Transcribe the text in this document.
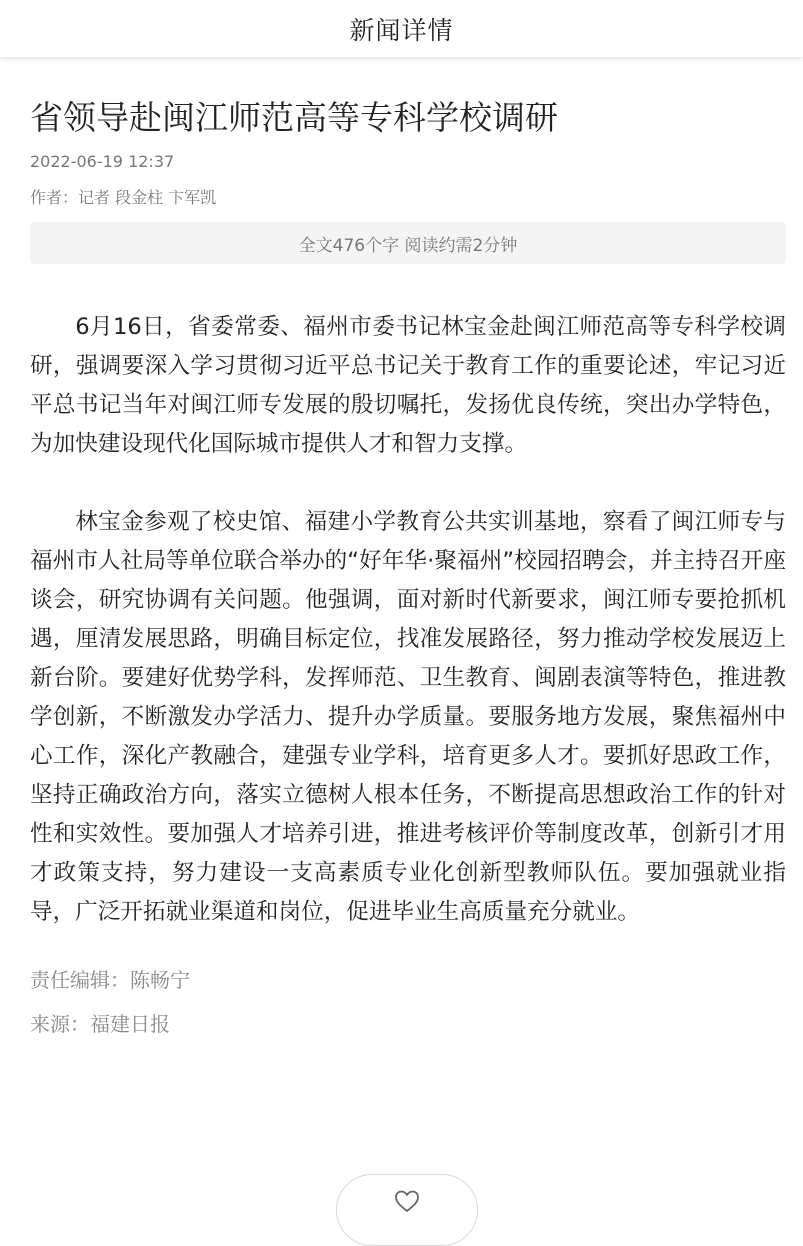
新闻详情
省领导赴闽江师范高等专科学校调研
2022-06-19 12:37
作者：记者 段金柱 卞军凯
全文476个字 阅读约需2分钟

6月16日，省委常委、福州市委书记林宝金赴闽江师范高等专科学校调研，强调要深入学习贯彻习近平总书记关于教育工作的重要论述，牢记习近平总书记当年对闽江师专发展的殷切嘱托，发扬优良传统，突出办学特色，为加快建设现代化国际城市提供人才和智力支撑。

林宝金参观了校史馆、福建小学教育公共实训基地，察看了闽江师专与福州市人社局等单位联合举办的“好年华·聚福州”校园招聘会，并主持召开座谈会，研究协调有关问题。他强调，面对新时代新要求，闽江师专要抢抓机遇，厘清发展思路，明确目标定位，找准发展路径，努力推动学校发展迈上新台阶。要建好优势学科，发挥师范、卫生教育、闽剧表演等特色，推进教学创新，不断激发办学活力、提升办学质量。要服务地方发展，聚焦福州中心工作，深化产教融合，建强专业学科，培育更多人才。要抓好思政工作，坚持正确政治方向，落实立德树人根本任务，不断提高思想政治工作的针对性和实效性。要加强人才培养引进，推进考核评价等制度改革，创新引才用才政策支持，努力建设一支高素质专业化创新型教师队伍。要加强就业指导，广泛开拓就业渠道和岗位，促进毕业生高质量充分就业。

责任编辑：陈畅宁
来源：福建日报
